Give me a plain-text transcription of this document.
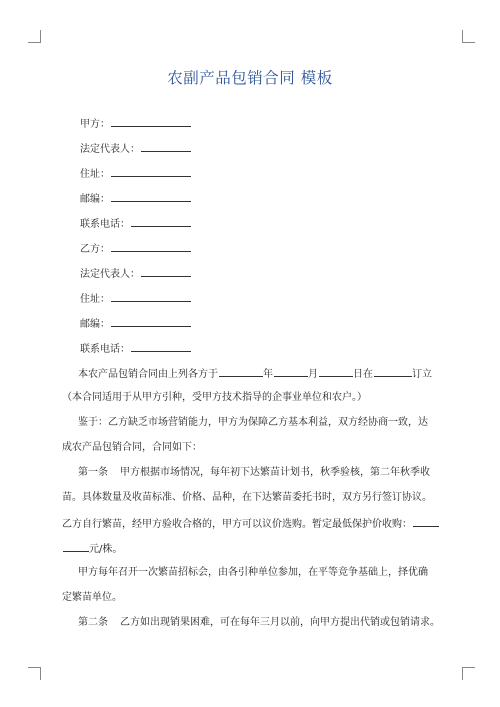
农副产品包销合同 模板
甲方：
法定代表人：
住址：
邮编：
联系电话：
乙方：
法定代表人：
住址：
邮编：
联系电话：
本农产品包销合同由上列各方于	年	月	日在	订立
（本合同适用于从甲方引种，受甲方技术指导的企事业单位和农户。）
鉴于：乙方缺乏市场营销能力，甲方为保障乙方基本利益，双方经协商一致，达
成农产品包销合同，合同如下：
第一条 甲方根据市场情况，每年初下达繁苗计划书，秋季验核，第二年秋季收
苗。具体数量及收苗标准、价格、品种，在下达繁苗委托书时，双方另行签订协议。
乙方自行繁苗，经甲方验收合格的，甲方可以议价选购。暂定最低保护价收购：
元/株。
甲方每年召开一次繁苗招标会，由各引种单位参加，在平等竞争基础上，择优确
定繁苗单位。
第二条 乙方如出现销果困难，可在每年三月以前，向甲方提出代销或包销请求。
